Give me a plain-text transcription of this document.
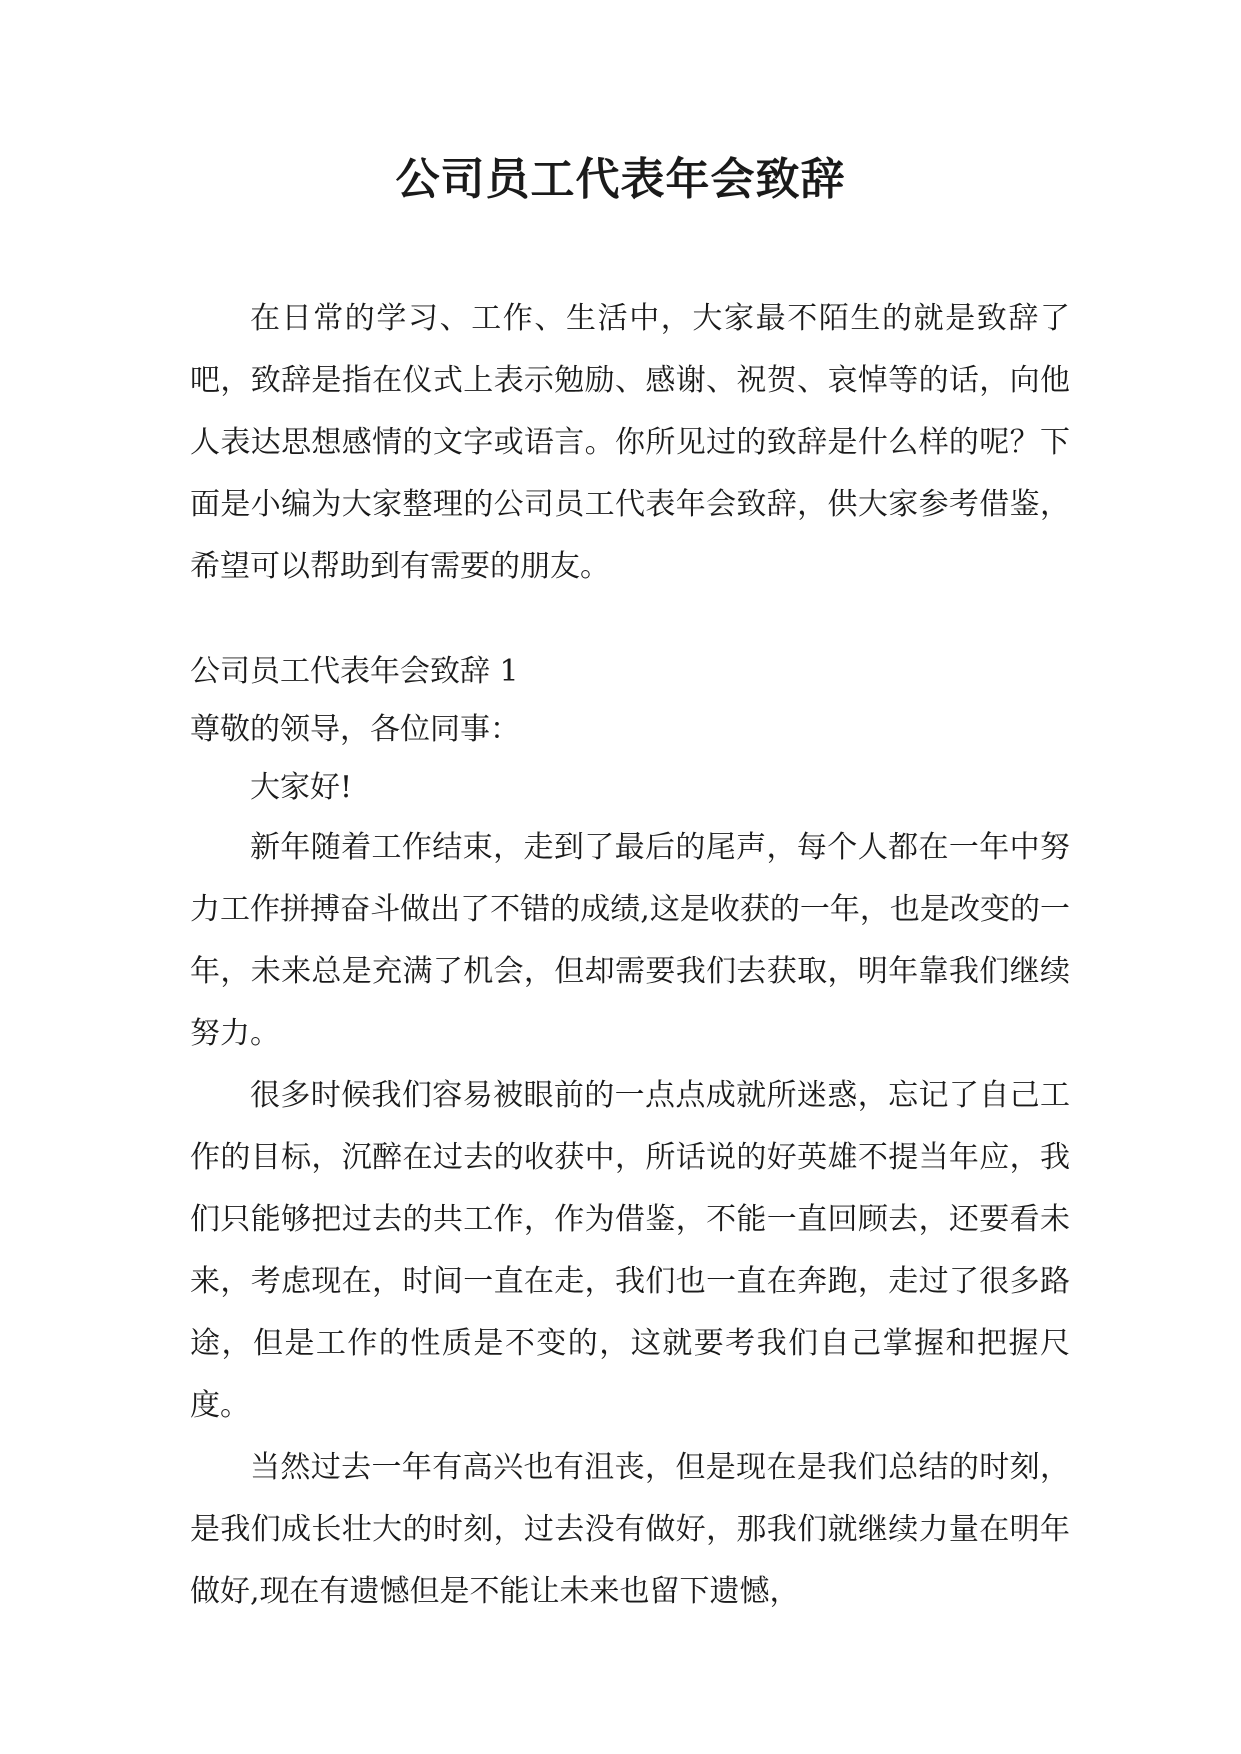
公司员工代表年会致辞

在日常的学习、工作、生活中，大家最不陌生的就是致辞了吧，致辞是指在仪式上表示勉励、感谢、祝贺、哀悼等的话，向他人表达思想感情的文字或语言。你所见过的致辞是什么样的呢？下面是小编为大家整理的公司员工代表年会致辞，供大家参考借鉴，希望可以帮助到有需要的朋友。

公司员工代表年会致辞 1

尊敬的领导，各位同事：

大家好!

新年随着工作结束，走到了最后的尾声，每个人都在一年中努力工作拼搏奋斗做出了不错的成绩,这是收获的一年，也是改变的一年，未来总是充满了机会，但却需要我们去获取，明年靠我们继续努力。

很多时候我们容易被眼前的一点点成就所迷惑，忘记了自己工作的目标，沉醉在过去的收获中，所话说的好英雄不提当年应，我们只能够把过去的共工作，作为借鉴，不能一直回顾去，还要看未来，考虑现在，时间一直在走，我们也一直在奔跑，走过了很多路途，但是工作的性质是不变的，这就要考我们自己掌握和把握尺度。

当然过去一年有高兴也有沮丧，但是现在是我们总结的时刻，是我们成长壮大的时刻，过去没有做好，那我们就继续力量在明年做好,现在有遗憾但是不能让未来也留下遗憾，
